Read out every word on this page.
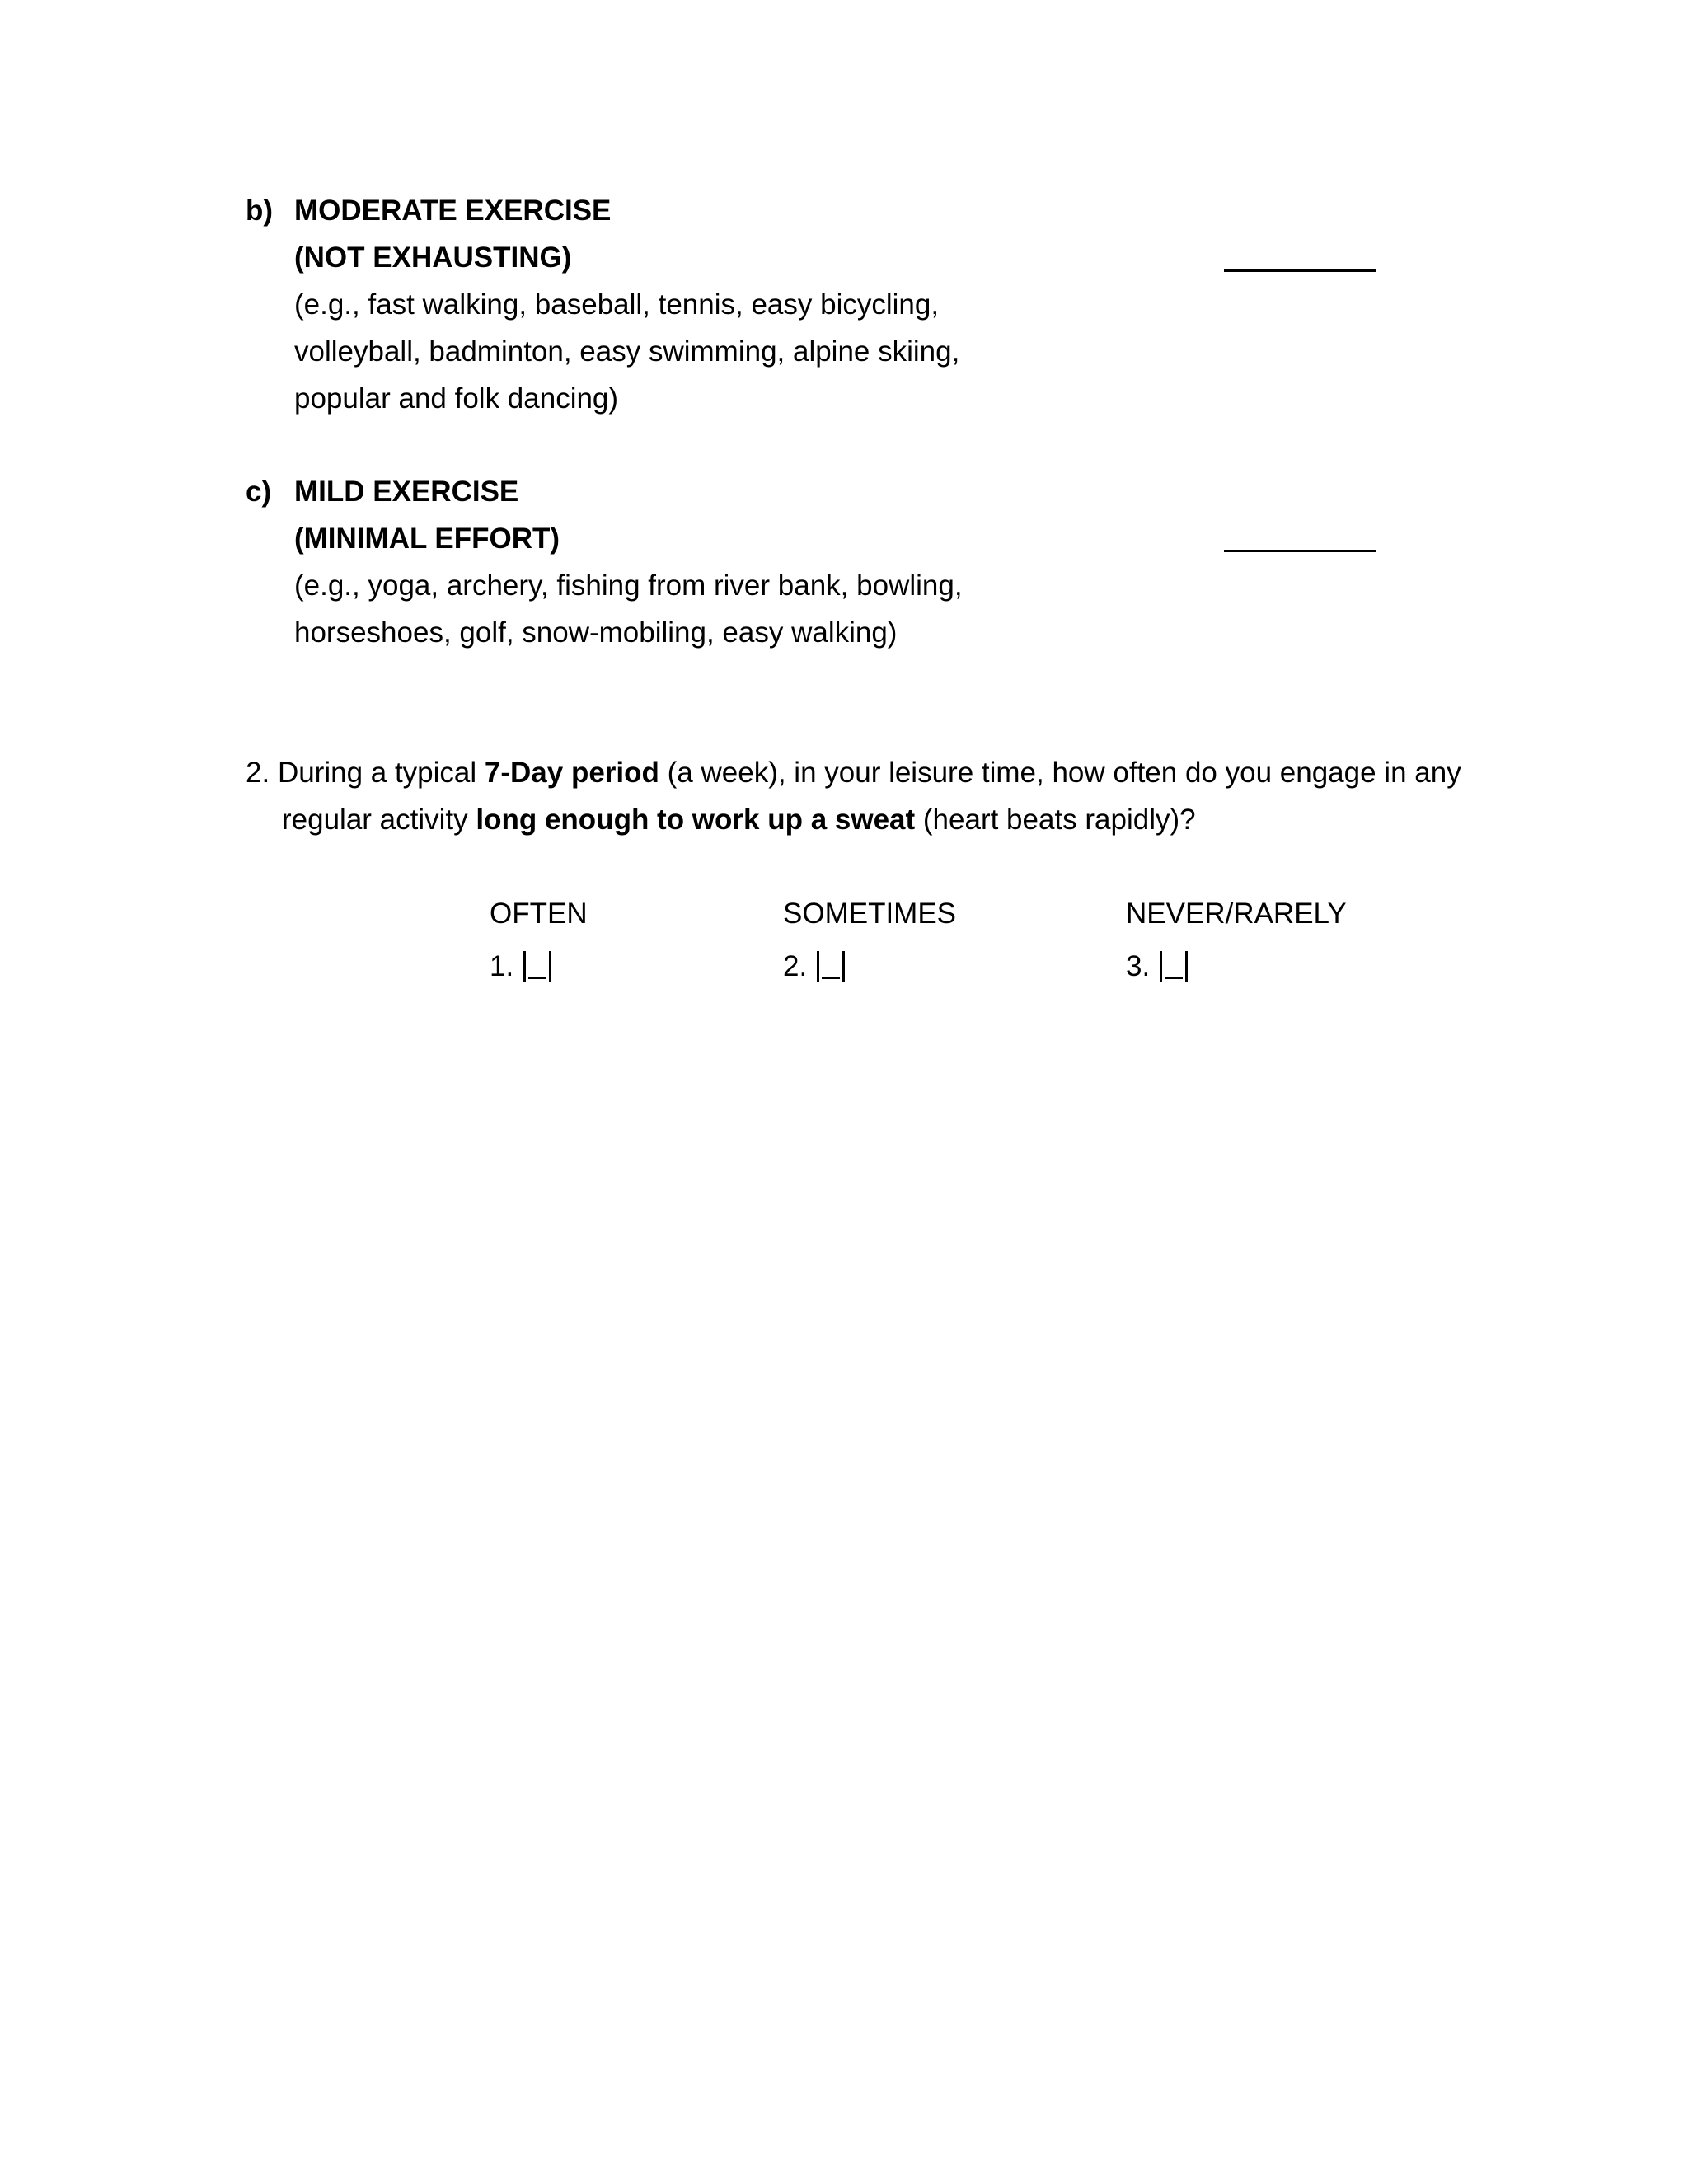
b) MODERATE EXERCISE
(NOT EXHAUSTING)
(e.g., fast walking, baseball, tennis, easy bicycling,
volleyball, badminton, easy swimming, alpine skiing,
popular and folk dancing)
c) MILD EXERCISE
(MINIMAL EFFORT)
(e.g., yoga, archery, fishing from river bank, bowling,
horseshoes, golf, snow-mobiling, easy walking)
2. During a typical 7-Day period (a week), in your leisure time, how often do you engage in any
regular activity long enough to work up a sweat (heart beats rapidly)?
OFTEN	SOMETIMES	NEVER/RARELY
1.	2.	3.
